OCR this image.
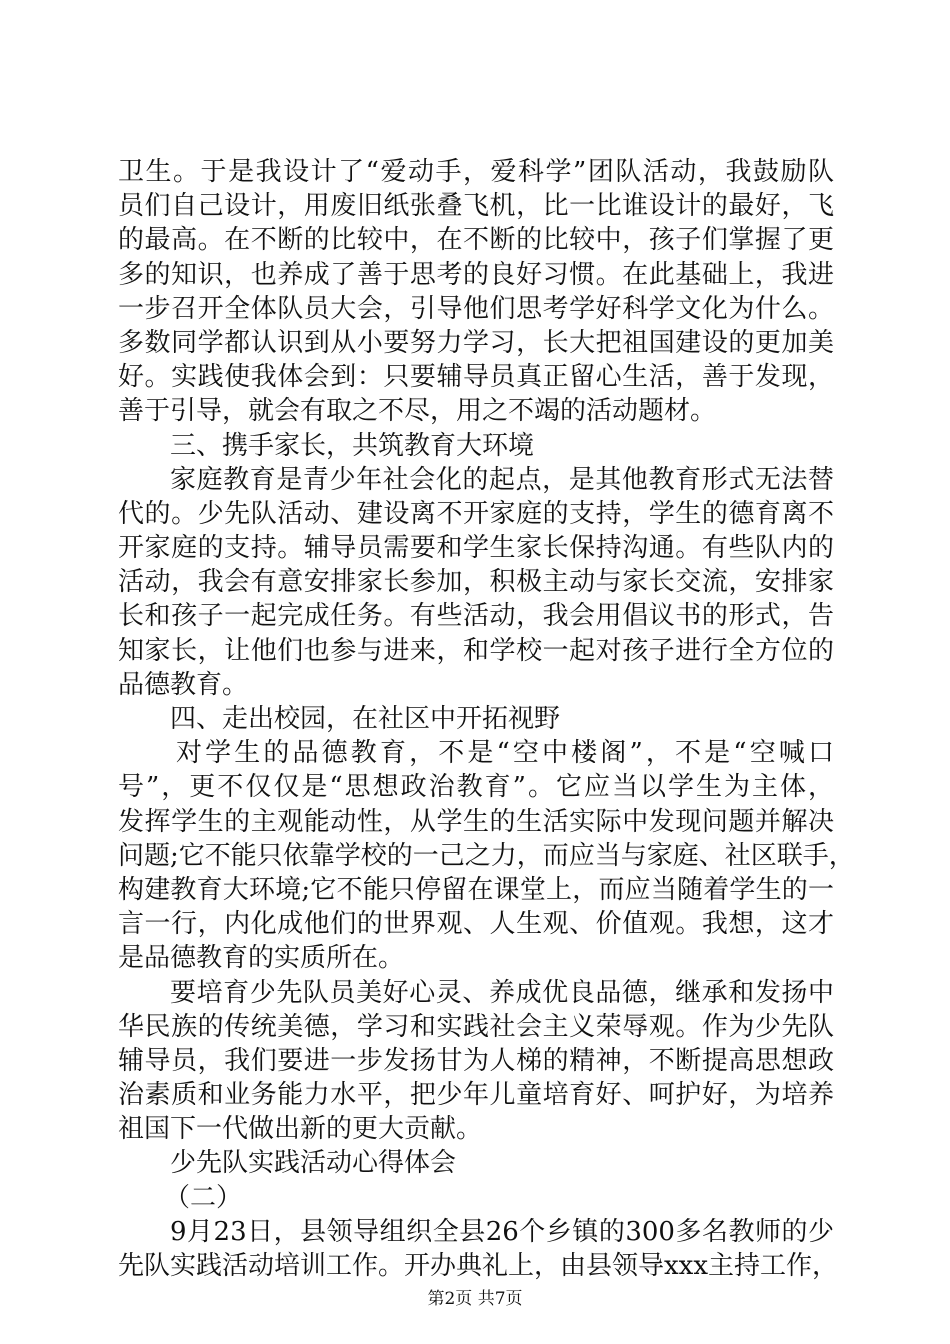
卫生。于是我设计了“爱动手，爱科学”团队活动，我鼓励队
员们自己设计，用废旧纸张叠飞机，比一比谁设计的最好，飞
的最高。在不断的比较中，在不断的比较中，孩子们掌握了更
多的知识，也养成了善于思考的良好习惯。在此基础上，我进
一步召开全体队员大会，引导他们思考学好科学文化为什么。
多数同学都认识到从小要努力学习，长大把祖国建设的更加美
好。实践使我体会到：只要辅导员真正留心生活，善于发现，
善于引导，就会有取之不尽，用之不竭的活动题材。
三、携手家长，共筑教育大环境
家庭教育是青少年社会化的起点，是其他教育形式无法替
代的。少先队活动、建设离不开家庭的支持，学生的德育离不
开家庭的支持。辅导员需要和学生家长保持沟通。有些队内的
活动，我会有意安排家长参加，积极主动与家长交流，安排家
长和孩子一起完成任务。有些活动，我会用倡议书的形式，告
知家长，让他们也参与进来，和学校一起对孩子进行全方位的
品德教育。
四、走出校园，在社区中开拓视野
对学生的品德教育，不是“空中楼阁”，不是“空喊口
号”，更不仅仅是“思想政治教育”。它应当以学生为主体，
发挥学生的主观能动性，从学生的生活实际中发现问题并解决
问题;它不能只依靠学校的一己之力，而应当与家庭、社区联手，
构建教育大环境;它不能只停留在课堂上，而应当随着学生的一
言一行，内化成他们的世界观、人生观、价值观。我想，这才
是品德教育的实质所在。
要培育少先队员美好心灵、养成优良品德，继承和发扬中
华民族的传统美德，学习和实践社会主义荣辱观。作为少先队
辅导员，我们要进一步发扬甘为人梯的精神，不断提高思想政
治素质和业务能力水平，把少年儿童培育好、呵护好，为培养
祖国下一代做出新的更大贡献。
少先队实践活动心得体会
（二）
9月23日，县领导组织全县26个乡镇的300多名教师的少
先队实践活动培训工作。开办典礼上，由县领导xxx主持工作，
第2页 共7页
